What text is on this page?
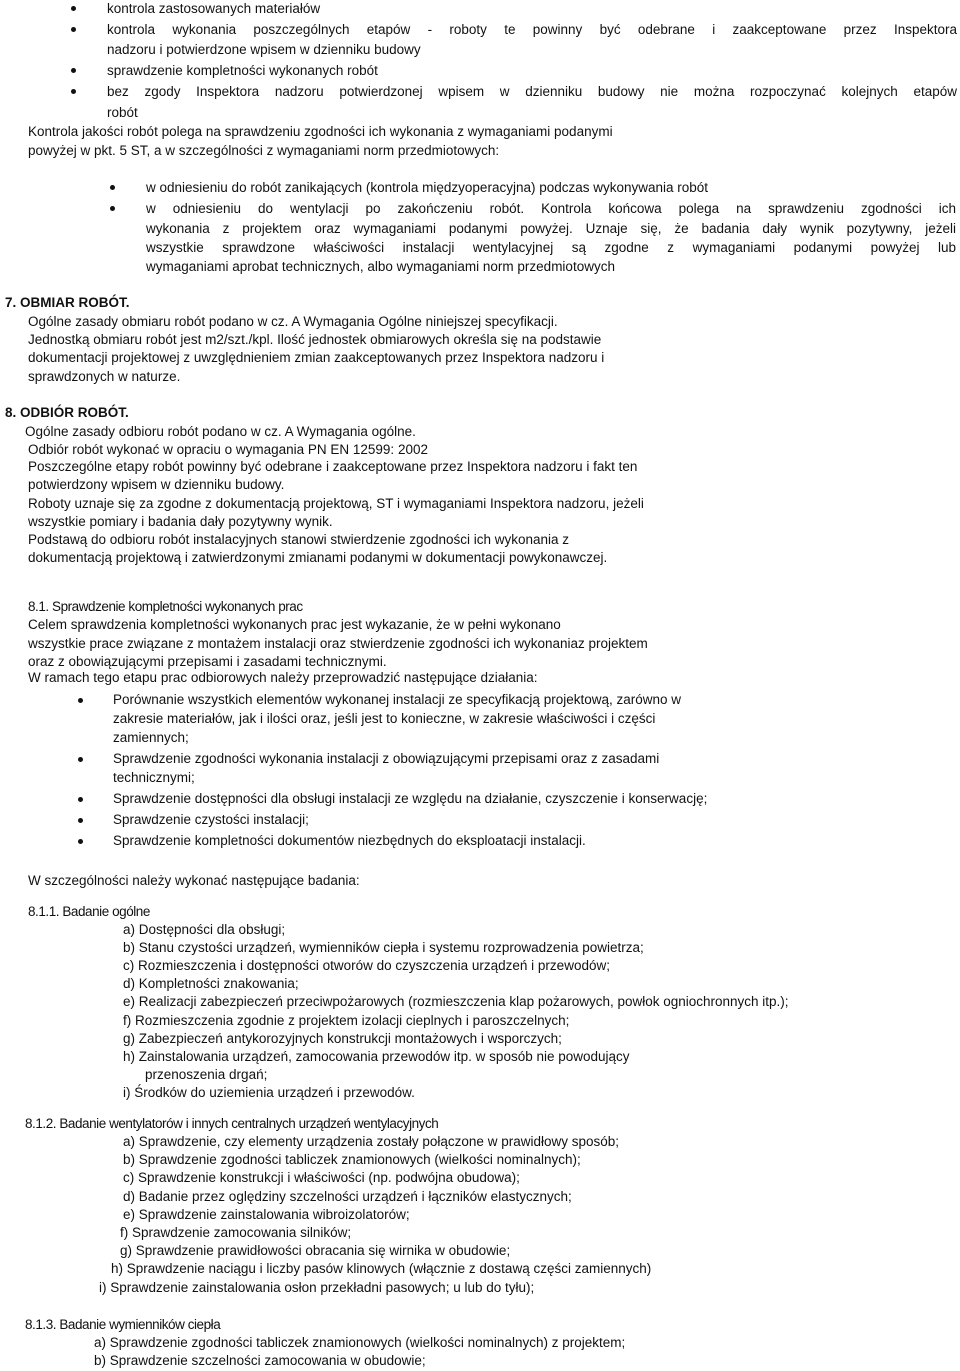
kontrola zastosowanych materiałów
kontrola wykonania poszczególnych etapów - roboty te powinny być odebrane i zaakceptowane przez Inspektora
nadzoru i potwierdzone wpisem w dzienniku budowy
sprawdzenie kompletności wykonanych robót
bez zgody Inspektora nadzoru potwierdzonej wpisem w dzienniku budowy nie można rozpoczynać kolejnych etapów
robót
Kontrola jakości robót polega na sprawdzeniu zgodności ich wykonania z wymaganiami podanymi
powyżej w pkt. 5 ST, a w szczególności z wymaganiami norm przedmiotowych:
w odniesieniu do robót zanikających (kontrola międzyoperacyjna) podczas wykonywania robót
w odniesieniu do wentylacji po zakończeniu robót. Kontrola końcowa polega na sprawdzeniu zgodności ich
wykonania z projektem oraz wymaganiami podanymi powyżej. Uznaje się, że badania dały wynik pozytywny, jeżeli
wszystkie sprawdzone właściwości instalacji wentylacyjnej są zgodne z wymaganiami podanymi powyżej lub
wymaganiami aprobat technicznych, albo wymaganiami norm przedmiotowych
7. OBMIAR ROBÓT.
Ogólne zasady obmiaru robót podano w cz. A Wymagania Ogólne niniejszej specyfikacji.
Jednostką obmiaru robót jest m2/szt./kpl. Ilość jednostek obmiarowych określa się na podstawie
dokumentacji projektowej z uwzględnieniem zmian zaakceptowanych przez Inspektora nadzoru i
sprawdzonych w naturze.
8. ODBIÓR ROBÓT.
Ogólne zasady odbioru robót podano w cz. A Wymagania ogólne.
Odbiór robót wykonać w opraciu o wymagania PN EN 12599: 2002
Poszczególne etapy robót powinny być odebrane i zaakceptowane przez Inspektora nadzoru i fakt ten
potwierdzony wpisem w dzienniku budowy.
Roboty uznaje się za zgodne z dokumentacją projektową, ST i wymaganiami Inspektora nadzoru, jeżeli
wszystkie pomiary i badania dały pozytywny wynik.
Podstawą do odbioru robót instalacyjnych stanowi stwierdzenie zgodności ich wykonania z
dokumentacją projektową i zatwierdzonymi zmianami podanymi w dokumentacji powykonawczej.
8.1. Sprawdzenie kompletności wykonanych prac
Celem sprawdzenia kompletności wykonanych prac jest wykazanie, że w pełni wykonano
wszystkie prace związane z montażem instalacji oraz stwierdzenie zgodności ich wykonaniaz projektem
oraz z obowiązującymi przepisami i zasadami technicznymi.
W ramach tego etapu prac odbiorowych należy przeprowadzić następujące działania:
Porównanie wszystkich elementów wykonanej instalacji ze specyfikacją projektową, zarówno w
zakresie materiałów, jak i ilości oraz, jeśli jest to konieczne, w zakresie właściwości i części
zamiennych;
Sprawdzenie zgodności wykonania instalacji z obowiązującymi przepisami oraz z zasadami
technicznymi;
Sprawdzenie dostępności dla obsługi instalacji ze względu na działanie, czyszczenie i konserwację;
Sprawdzenie czystości instalacji;
Sprawdzenie kompletności dokumentów niezbędnych do eksploatacji instalacji.
W szczególności należy wykonać następujące badania:
8.1.1. Badanie ogólne
a) Dostępności dla obsługi;
b) Stanu czystości urządzeń, wymienników ciepła i systemu rozprowadzenia powietrza;
c) Rozmieszczenia i dostępności otworów do czyszczenia urządzeń i przewodów;
d) Kompletności znakowania;
e) Realizacji zabezpieczeń przeciwpożarowych (rozmieszczenia klap pożarowych, powłok ogniochronnych itp.);
f) Rozmieszczenia zgodnie z projektem izolacji cieplnych i paroszczelnych;
g) Zabezpieczeń antykorozyjnych konstrukcji montażowych i wsporczych;
h) Zainstalowania urządzeń, zamocowania przewodów itp. w sposób nie powodujący
przenoszenia drgań;
i) Środków do uziemienia urządzeń i przewodów.
8.1.2. Badanie wentylatorów i innych centralnych urządzeń wentylacyjnych
a) Sprawdzenie, czy elementy urządzenia zostały połączone w prawidłowy sposób;
b) Sprawdzenie zgodności tabliczek znamionowych (wielkości nominalnych);
c) Sprawdzenie konstrukcji i właściwości (np. podwójna obudowa);
d) Badanie przez oględziny szczelności urządzeń i łączników elastycznych;
e) Sprawdzenie zainstalowania wibroizolatorów;
f) Sprawdzenie zamocowania silników;
g) Sprawdzenie prawidłowości obracania się wirnika w obudowie;
h) Sprawdzenie naciągu i liczby pasów klinowych (włącznie z dostawą części zamiennych)
i) Sprawdzenie zainstalowania osłon przekładni pasowych; u lub do tyłu);
8.1.3. Badanie wymienników ciepła
a) Sprawdzenie zgodności tabliczek znamionowych (wielkości nominalnych) z projektem;
b) Sprawdzenie szczelności zamocowania w obudowie;
